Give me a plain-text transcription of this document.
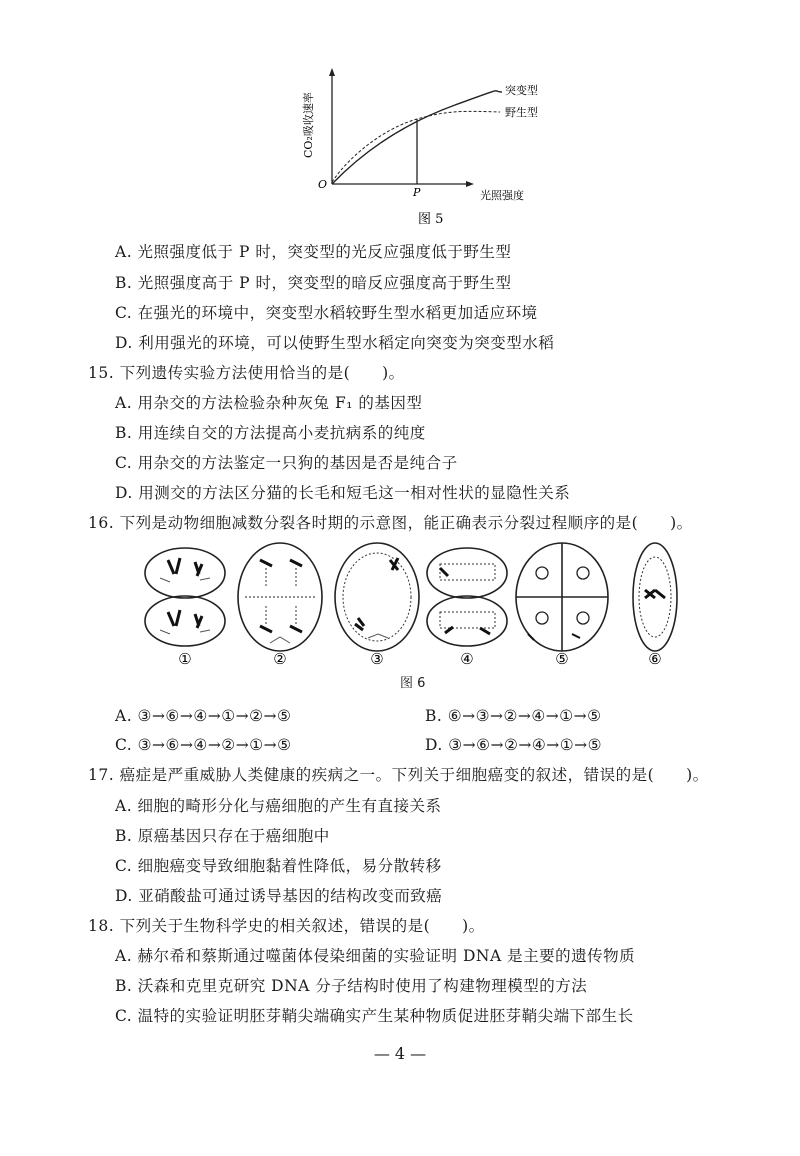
CO₂吸收速率
O
P	光照强度
突变型
野生型
图 5
A. 光照强度低于 P 时，突变型的光反应强度低于野生型
B. 光照强度高于 P 时，突变型的暗反应强度高于野生型
C. 在强光的环境中，突变型水稻较野生型水稻更加适应环境
D. 利用强光的环境，可以使野生型水稻定向突变为突变型水稻
15. 下列遗传实验方法使用恰当的是(　　)。
A. 用杂交的方法检验杂种灰兔 F₁ 的基因型
B. 用连续自交的方法提高小麦抗病系的纯度
C. 用杂交的方法鉴定一只狗的基因是否是纯合子
D. 用测交的方法区分猫的长毛和短毛这一相对性状的显隐性关系
16. 下列是动物细胞减数分裂各时期的示意图，能正确表示分裂过程顺序的是(　　)。
①	②	③	④	⑤	⑥
图 6
A. ③→⑥→④→①→②→⑤	B. ⑥→③→②→④→①→⑤
C. ③→⑥→④→②→①→⑤	D. ③→⑥→②→④→①→⑤
17. 癌症是严重威胁人类健康的疾病之一。下列关于细胞癌变的叙述，错误的是(　　)。
A. 细胞的畸形分化与癌细胞的产生有直接关系
B. 原癌基因只存在于癌细胞中
C. 细胞癌变导致细胞黏着性降低，易分散转移
D. 亚硝酸盐可通过诱导基因的结构改变而致癌
18. 下列关于生物科学史的相关叙述，错误的是(　　)。
A. 赫尔希和蔡斯通过噬菌体侵染细菌的实验证明 DNA 是主要的遗传物质
B. 沃森和克里克研究 DNA 分子结构时使用了构建物理模型的方法
C. 温特的实验证明胚芽鞘尖端确实产生某种物质促进胚芽鞘尖端下部生长
— 4 —
